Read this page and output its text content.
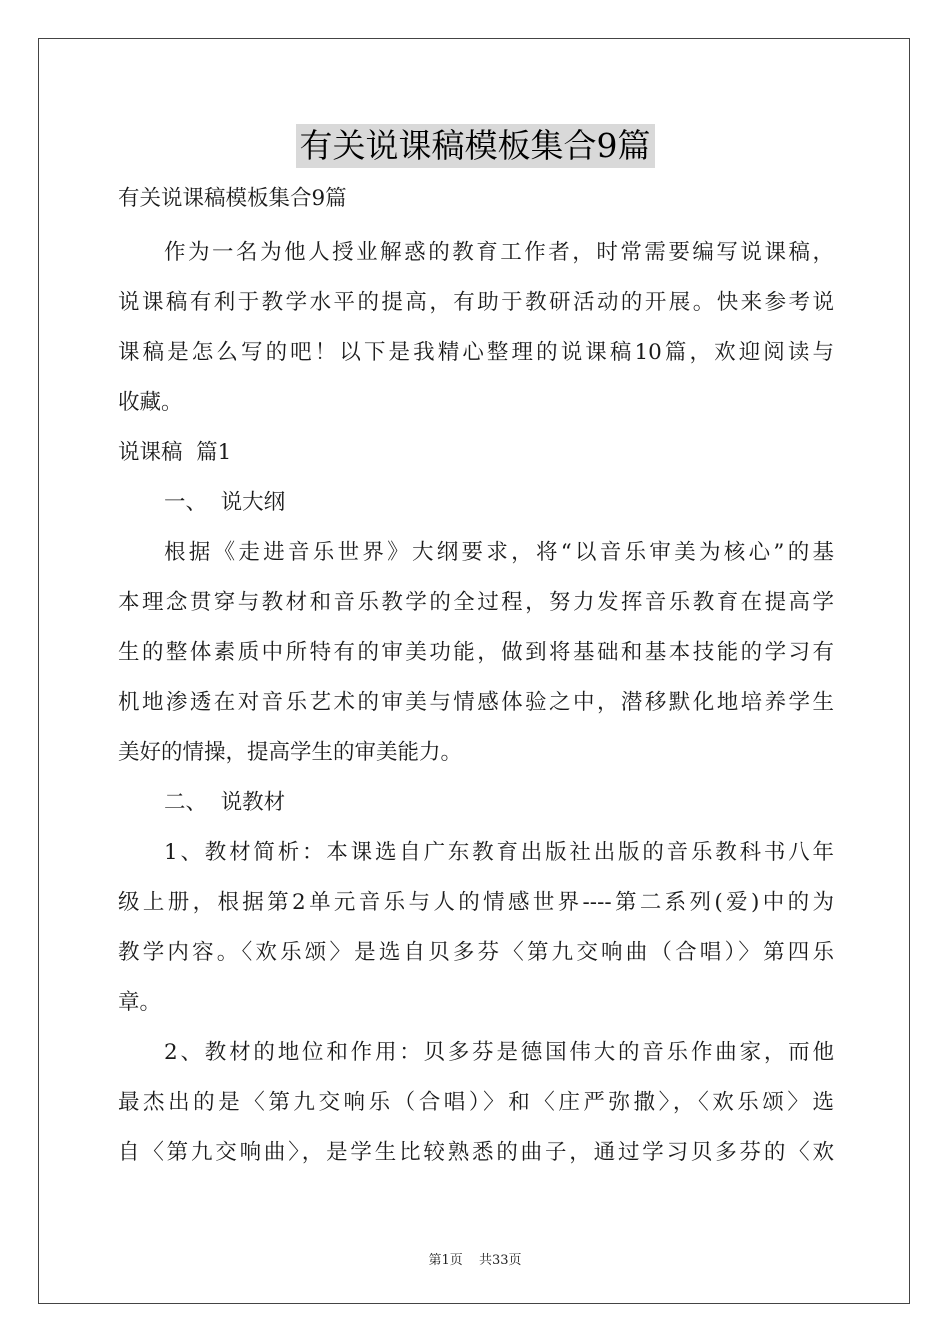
有关说课稿模板集合9篇
有关说课稿模板集合9篇
作为一名为他人授业解惑的教育工作者，时常需要编写说课稿，
说课稿有利于教学水平的提高，有助于教研活动的开展。快来参考说
课稿是怎么写的吧！以下是我精心整理的说课稿10篇，欢迎阅读与
收藏。
说课稿  篇1
一、  说大纲
根据《走进音乐世界》大纲要求，将“以音乐审美为核心”的基
本理念贯穿与教材和音乐教学的全过程，努力发挥音乐教育在提高学
生的整体素质中所特有的审美功能，做到将基础和基本技能的学习有
机地渗透在对音乐艺术的审美与情感体验之中，潜移默化地培养学生
美好的情操，提高学生的审美能力。
二、  说教材
1、教材简析：本课选自广东教育出版社出版的音乐教科书八年
级上册，根据第2单元音乐与人的情感世界----第二系列(爱)中的为
教学内容。〈欢乐颂〉是选自贝多芬〈第九交响曲（合唱）〉第四乐
章。
2、教材的地位和作用：贝多芬是德国伟大的音乐作曲家，而他
最杰出的是〈第九交响乐（合唱）〉和〈庄严弥撒〉，〈欢乐颂〉选
自〈第九交响曲〉，是学生比较熟悉的曲子，通过学习贝多芬的〈欢
第1页 共33页
